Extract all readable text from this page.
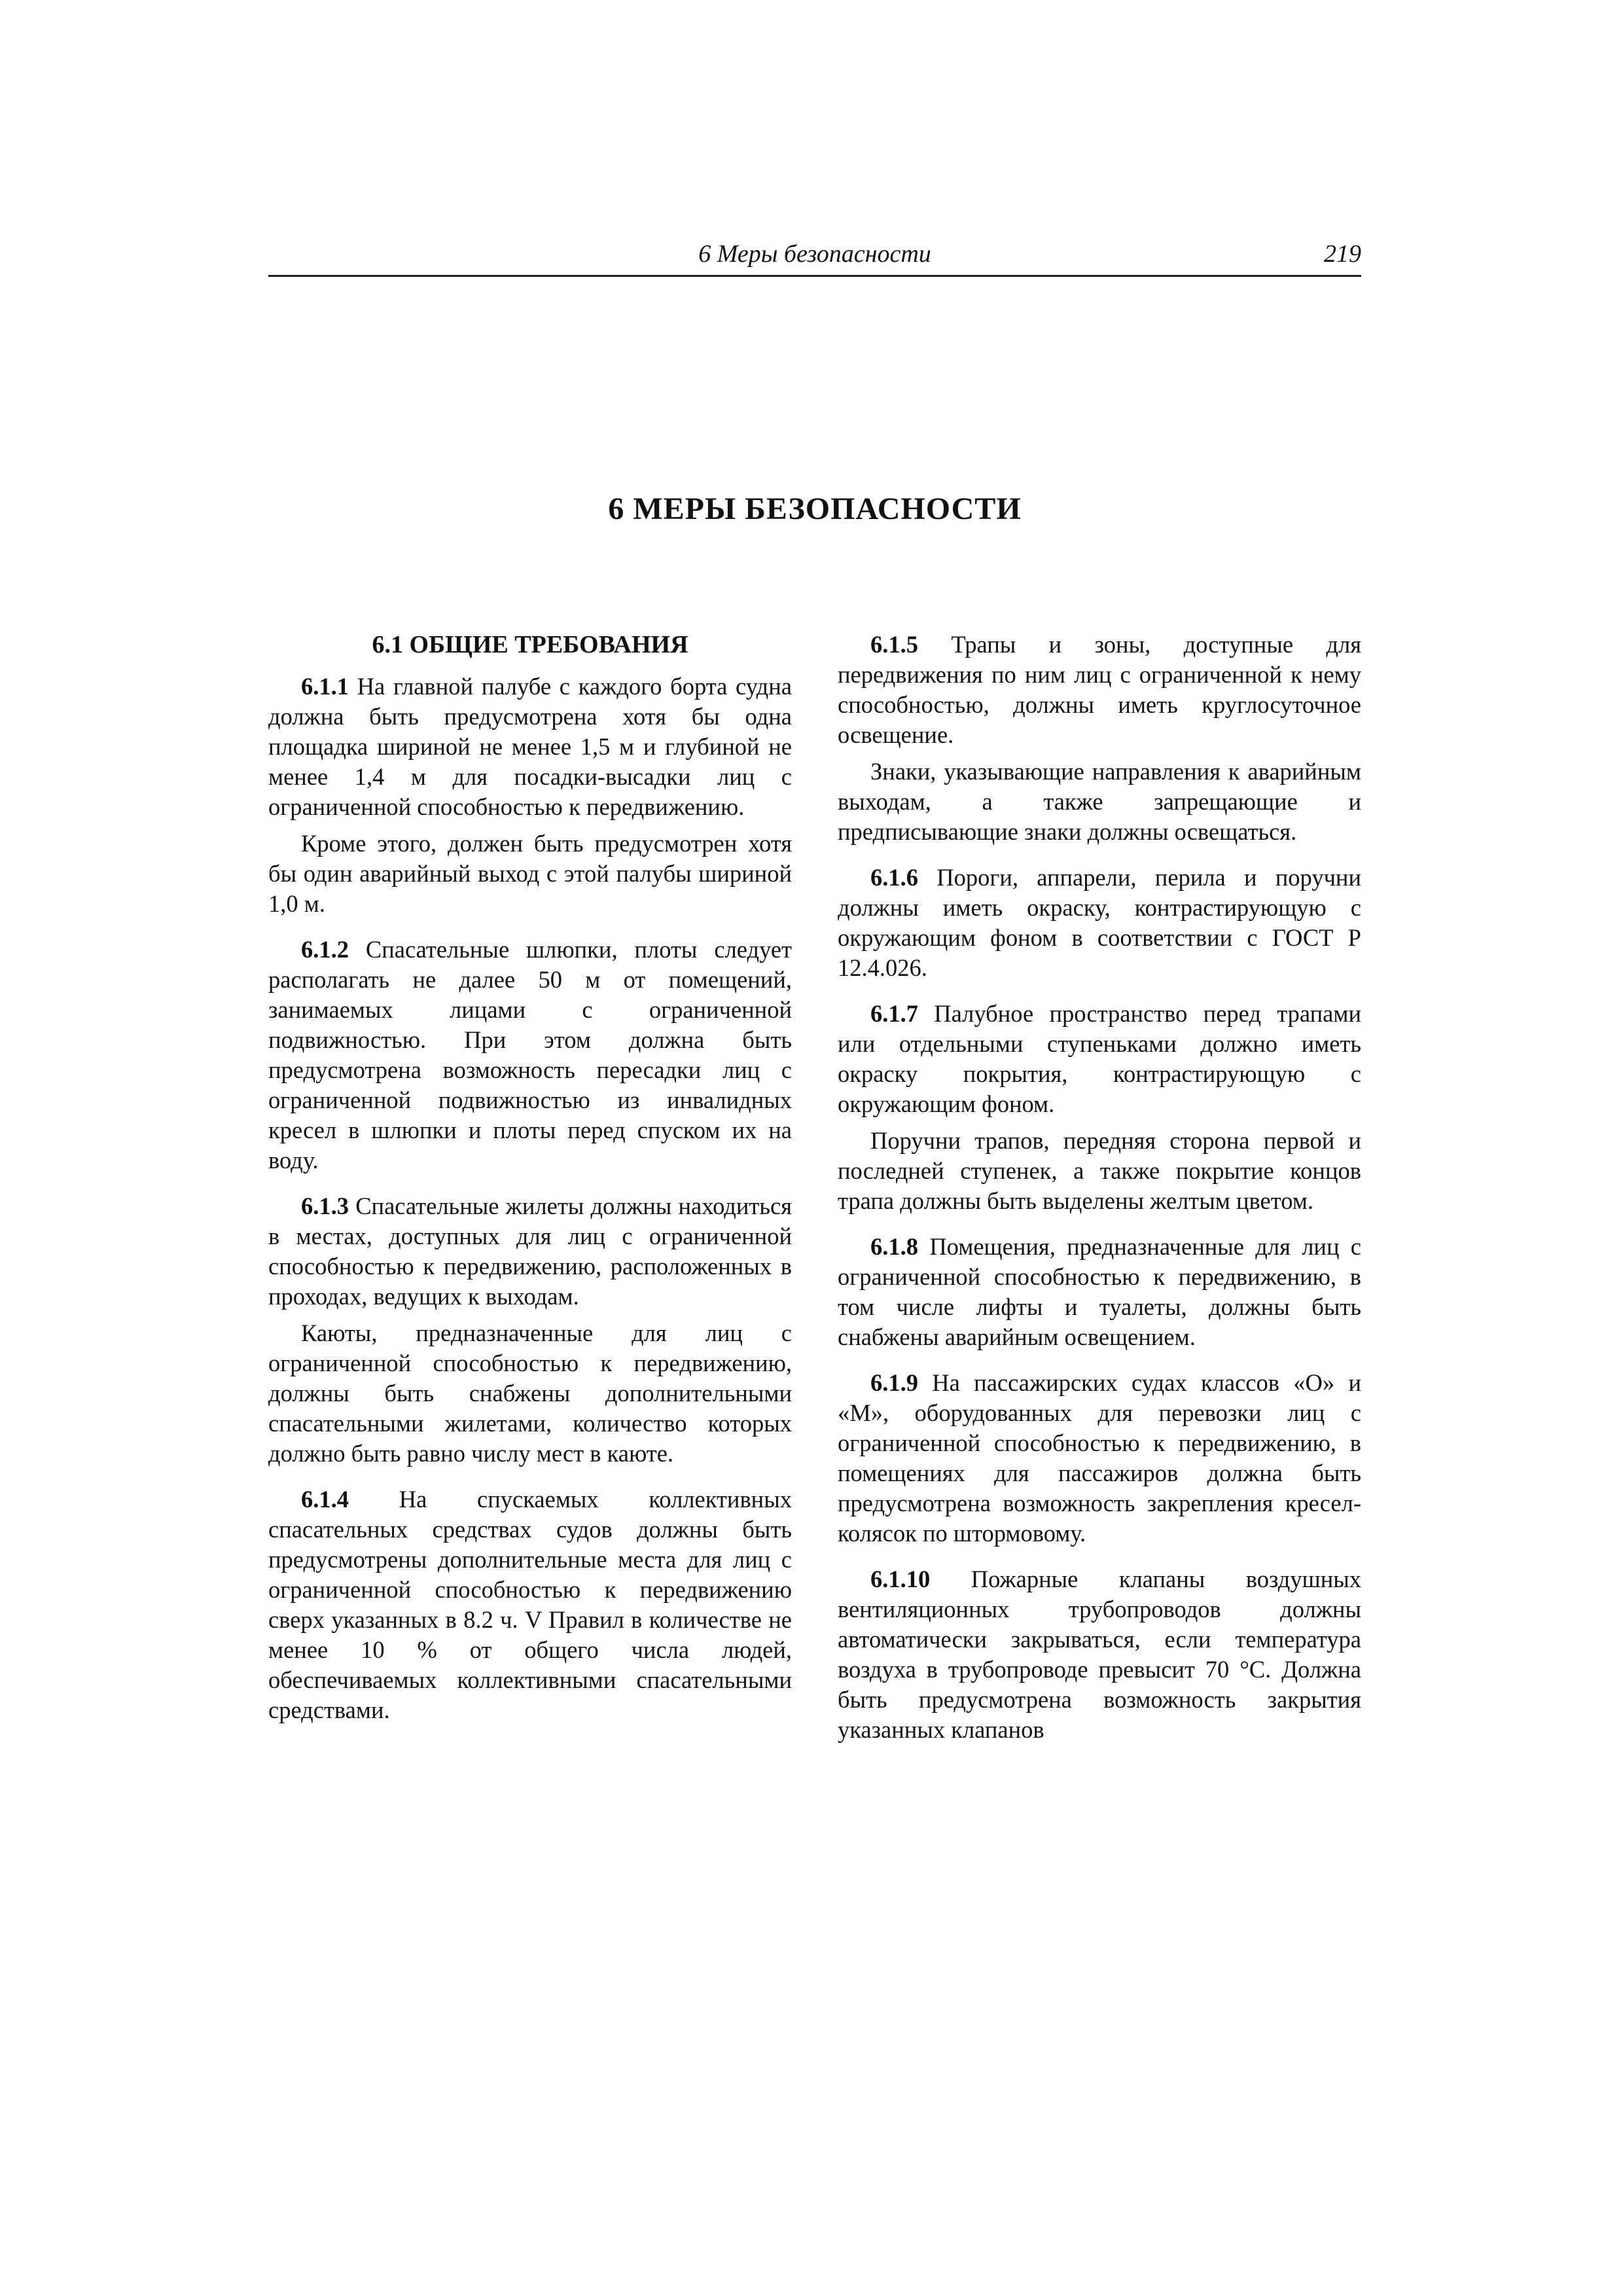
6 Меры безопасности	219
6 МЕРЫ БЕЗОПАСНОСТИ
6.1 ОБЩИЕ ТРЕБОВАНИЯ

6.1.1 На главной палубе с каждого борта судна должна быть предусмотрена хотя бы одна площадка шириной не менее 1,5 м и глубиной не менее 1,4 м для посадки-высадки лиц с ограниченной способностью к передвижению.

Кроме этого, должен быть предусмотрен хотя бы один аварийный выход с этой палубы шириной 1,0 м.

6.1.2 Спасательные шлюпки, плоты следует располагать не далее 50 м от помещений, занимаемых лицами с ограниченной подвижностью. При этом должна быть предусмотрена возможность пересадки лиц с ограниченной подвижностью из инвалидных кресел в шлюпки и плоты перед спуском их на воду.

6.1.3 Спасательные жилеты должны находиться в местах, доступных для лиц с ограниченной способностью к передвижению, расположенных в проходах, ведущих к выходам.

Каюты, предназначенные для лиц с ограниченной способностью к передвижению, должны быть снабжены дополнительными спасательными жилетами, количество которых должно быть равно числу мест в каюте.

6.1.4 На спускаемых коллективных спасательных средствах судов должны быть предусмотрены дополнительные места для лиц с ограниченной способностью к передвижению сверх указанных в 8.2 ч. V Правил в количестве не менее 10 % от общего числа людей, обеспечиваемых коллективными спасательными средствами.

6.1.5 Трапы и зоны, доступные для передвижения по ним лиц с ограниченной к нему способностью, должны иметь круглосуточное освещение.

Знаки, указывающие направления к аварийным выходам, а также запрещающие и предписывающие знаки должны освещаться.

6.1.6 Пороги, аппарели, перила и поручни должны иметь окраску, контрастирующую с окружающим фоном в соответствии с ГОСТ Р 12.4.026.

6.1.7 Палубное пространство перед трапами или отдельными ступеньками должно иметь окраску покрытия, контрастирующую с окружающим фоном.

Поручни трапов, передняя сторона первой и последней ступенек, а также покрытие концов трапа должны быть выделены желтым цветом.

6.1.8 Помещения, предназначенные для лиц с ограниченной способностью к передвижению, в том числе лифты и туалеты, должны быть снабжены аварийным освещением.

6.1.9 На пассажирских судах классов «О» и «М», оборудованных для перевозки лиц с ограниченной способностью к передвижению, в помещениях для пассажиров должна быть предусмотрена возможность закрепления кресел-колясок по штормовому.

6.1.10 Пожарные клапаны воздушных вентиляционных трубопроводов должны автоматически закрываться, если температура воздуха в трубопроводе превысит 70 °С. Должна быть предусмотрена возможность закрытия указанных клапанов
